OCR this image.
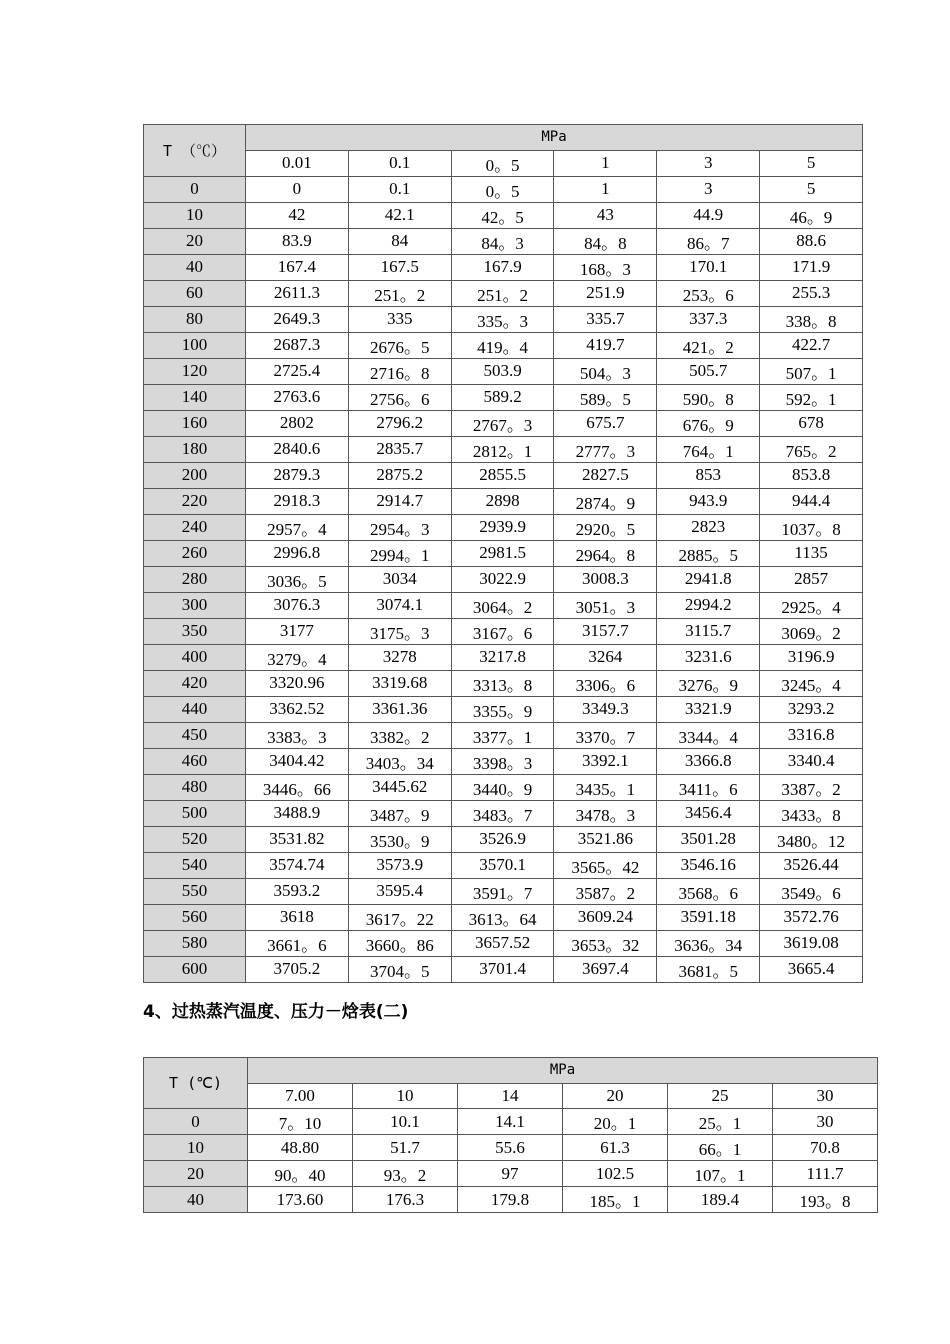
T （℃）	MPa					
	0.01	0.1	0。5	1	3	5
0	0	0.1	0。5	1	3	5
10	42	42.1	42。5	43	44.9	46。9
20	83.9	84	84。3	84。8	86。7	88.6
40	167.4	167.5	167.9	168。3	170.1	171.9
60	2611.3	251。2	251。2	251.9	253。6	255.3
80	2649.3	335	335。3	335.7	337.3	338。8
100	2687.3	2676。5	419。4	419.7	421。2	422.7
120	2725.4	2716。8	503.9	504。3	505.7	507。1
140	2763.6	2756。6	589.2	589。5	590。8	592。1
160	2802	2796.2	2767。3	675.7	676。9	678
180	2840.6	2835.7	2812。1	2777。3	764。1	765。2
200	2879.3	2875.2	2855.5	2827.5	853	853.8
220	2918.3	2914.7	2898	2874。9	943.9	944.4
240	2957。4	2954。3	2939.9	2920。5	2823	1037。8
260	2996.8	2994。1	2981.5	2964。8	2885。5	1135
280	3036。5	3034	3022.9	3008.3	2941.8	2857
300	3076.3	3074.1	3064。2	3051。3	2994.2	2925。4
350	3177	3175。3	3167。6	3157.7	3115.7	3069。2
400	3279。4	3278	3217.8	3264	3231.6	3196.9
420	3320.96	3319.68	3313。8	3306。6	3276。9	3245。4
440	3362.52	3361.36	3355。9	3349.3	3321.9	3293.2
450	3383。3	3382。2	3377。1	3370。7	3344。4	3316.8
460	3404.42	3403。34	3398。3	3392.1	3366.8	3340.4
480	3446。66	3445.62	3440。9	3435。1	3411。6	3387。2
500	3488.9	3487。9	3483。7	3478。3	3456.4	3433。8
520	3531.82	3530。9	3526.9	3521.86	3501.28	3480。12
540	3574.74	3573.9	3570.1	3565。42	3546.16	3526.44
550	3593.2	3595.4	3591。7	3587。2	3568。6	3549。6
560	3618	3617。22	3613。64	3609.24	3591.18	3572.76
580	3661。6	3660。86	3657.52	3653。32	3636。34	3619.08
600	3705.2	3704。5	3701.4	3697.4	3681。5	3665.4
4、过热蒸汽温度、压力－焓表(二)
T (℃)	MPa					
	7.00	10	14	20	25	30
0	7。10	10.1	14.1	20。1	25。1	30
10	48.80	51.7	55.6	61.3	66。1	70.8
20	90。40	93。2	97	102.5	107。1	111.7
40	173.60	176.3	179.8	185。1	189.4	193。8
